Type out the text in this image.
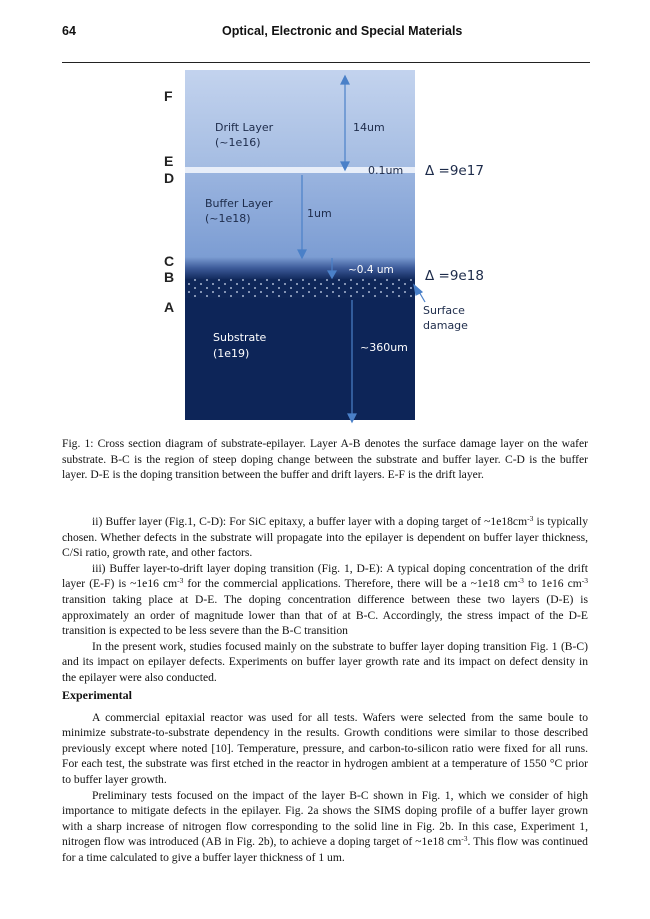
64	Optical, Electronic and Special Materials
F
E
D
C
B
A
Drift Layer
(~1e16)
14um
0.1um
Buffer Layer
(~1e18)	1um
~0.4 um
Substrate
(1e19)	~360um
Δ =9e17
Δ =9e18
Surface
damage
Fig. 1: Cross section diagram of substrate-epilayer. Layer A-B denotes the surface damage layer on the wafer substrate. B-C is the region of steep doping change between the substrate and buffer layer. C-D is the buffer layer. D-E is the doping transition between the buffer and drift layers. E-F is the drift layer.

ii) Buffer layer (Fig.1, C-D): For SiC epitaxy, a buffer layer with a doping target of $\sim 1e18cm^{-3}$ is typically chosen. Whether defects in the substrate will propagate into the epilayer is dependent on buffer layer thickness, C/Si ratio, growth rate, and other factors.

iii) Buffer layer-to-drift layer doping transition (Fig. 1, D-E): A typical doping concentration of the drift layer (E-F) is ~1e16 $cm^{-3}$ for the commercial applications. Therefore, there will be a ~1e18 $cm^{-3}$ to 1e16 $cm^{-3}$ transition taking place at D-E. The doping concentration difference between these two layers (D-E) is approximately an order of magnitude lower than that of at B-C. Accordingly, the stress impact of the D-E transition is expected to be less severe than the B-C transition

In the present work, studies focused mainly on the substrate to buffer layer doping transition Fig. 1 (B-C) and its impact on epilayer defects. Experiments on buffer layer growth rate and its impact on defect density in the epilayer were also conducted.

Experimental

A commercial epitaxial reactor was used for all tests. Wafers were selected from the same boule to minimize substrate-to-substrate dependency in the results. Growth conditions were similar to those described previously except where noted [10]. Temperature, pressure, and carbon-to-silicon ratio were fixed for all runs. For each test, the substrate was first etched in the reactor in hydrogen ambient at a temperature of 1550 °C prior to buffer layer growth.

Preliminary tests focused on the impact of the layer B-C shown in Fig. 1, which we consider of high importance to mitigate defects in the epilayer. Fig. 2a shows the SIMS doping profile of a buffer layer grown with a sharp increase of nitrogen flow corresponding to the solid line in Fig. 2b. In this case, Experiment 1, nitrogen flow was introduced (AB in Fig. 2b), to achieve a doping target of ~1e18 $cm^{-3}$. This flow was continued for a time calculated to give a buffer layer thickness of 1 um.
